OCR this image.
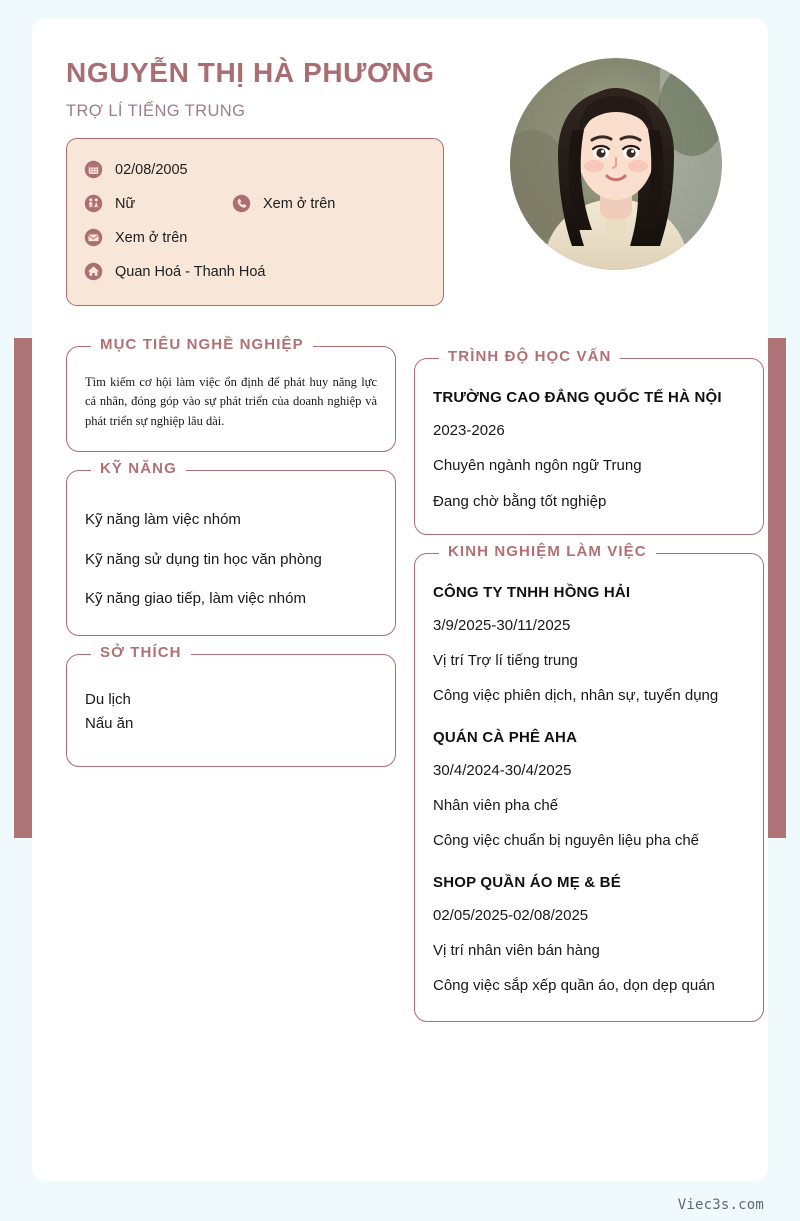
NGUYỄN THỊ HÀ PHƯƠNG
TRỢ LÍ TIẾNG TRUNG
02/08/2005
Nữ	Xem ở trên
Xem ở trên
Quan Hoá - Thanh Hoá
MỤC TIÊU NGHỀ NGHIỆP

Tìm kiếm cơ hội làm việc ổn định để phát huy năng lực cá nhân, đóng góp vào sự phát triển của doanh nghiệp và phát triển sự nghiệp lâu dài.

KỸ NĂNG
Kỹ năng làm việc nhóm
Kỹ năng sử dụng tin học văn phòng
Kỹ năng giao tiếp, làm việc nhóm
SỞ THÍCH
Du lịch
Nấu ăn
TRÌNH ĐỘ HỌC VẤN
TRƯỜNG CAO ĐẲNG QUỐC TẾ HÀ NỘI
2023-2026
Chuyên ngành ngôn ngữ Trung
Đang chờ bằng tốt nghiệp
KINH NGHIỆM LÀM VIỆC
CÔNG TY TNHH HỒNG HẢI
3/9/2025-30/11/2025
Vị trí Trợ lí tiếng trung
Công việc phiên dịch, nhân sự, tuyển dụng
QUÁN CÀ PHÊ AHA
30/4/2024-30/4/2025
Nhân viên pha chế
Công việc chuẩn bị nguyên liệu pha chế
SHOP QUẦN ÁO MẸ & BÉ
02/05/2025-02/08/2025
Vị trí nhân viên bán hàng
Công việc sắp xếp quần áo, dọn dẹp quán
Viec3s.com
